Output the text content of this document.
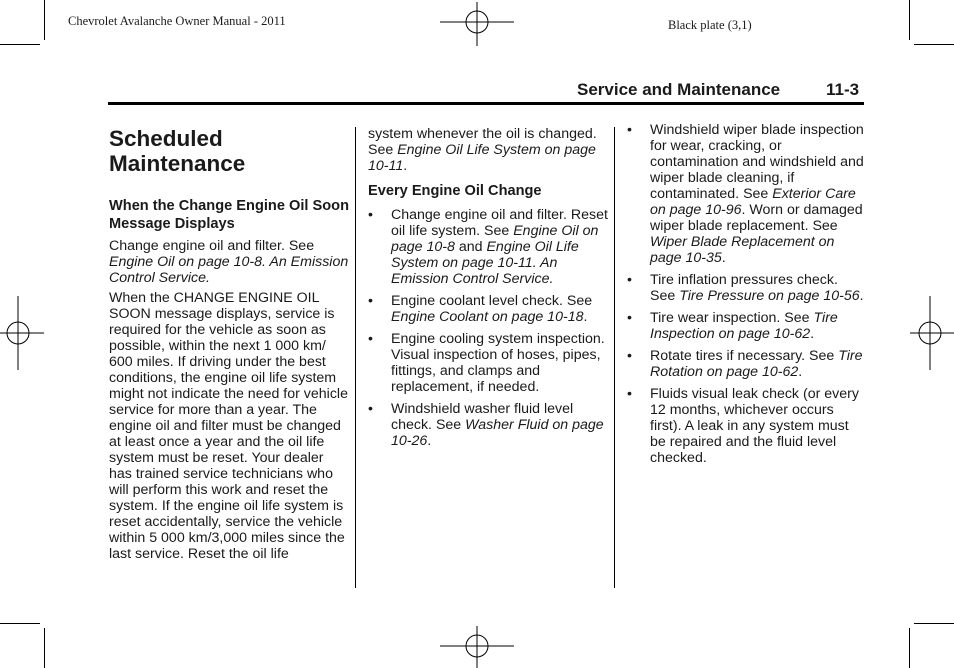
Chevrolet Avalanche Owner Manual - 2011	Black plate (3,1)
Service and Maintenance	11-3
Scheduled
Maintenance
When the Change Engine Oil Soon Message Displays

Change engine oil and filter. See Engine Oil on page 10-8. An Emission Control Service.

When the CHANGE ENGINE OIL SOON message displays, service is required for the vehicle as soon as possible, within the next 1 000 km/ 600 miles. If driving under the best conditions, the engine oil life system might not indicate the need for vehicle service for more than a year. The engine oil and filter must be changed at least once a year and the oil life system must be reset. Your dealer has trained service technicians who will perform this work and reset the system. If the engine oil life system is reset accidentally, service the vehicle within 5 000 km/3,000 miles since the last service. Reset the oil life

system whenever the oil is changed. See Engine Oil Life System on page 10-11.

Every Engine Oil Change
• Change engine oil and filter. Reset oil life system. See Engine Oil on page 10-8 and Engine Oil Life System on page 10-11. An Emission Control Service.
• Engine coolant level check. See Engine Coolant on page 10-18.
• Engine cooling system inspection. Visual inspection of hoses, pipes, fittings, and clamps and replacement, if needed.
• Windshield washer fluid level check. See Washer Fluid on page 10-26.
• Windshield wiper blade inspection for wear, cracking, or contamination and windshield and wiper blade cleaning, if contaminated. See Exterior Care on page 10-96. Worn or damaged wiper blade replacement. See Wiper Blade Replacement on page 10-35.
• Tire inflation pressures check. See Tire Pressure on page 10-56.
• Tire wear inspection. See Tire Inspection on page 10-62.
• Rotate tires if necessary. See Tire Rotation on page 10-62.
• Fluids visual leak check (or every 12 months, whichever occurs first). A leak in any system must be repaired and the fluid level checked.
